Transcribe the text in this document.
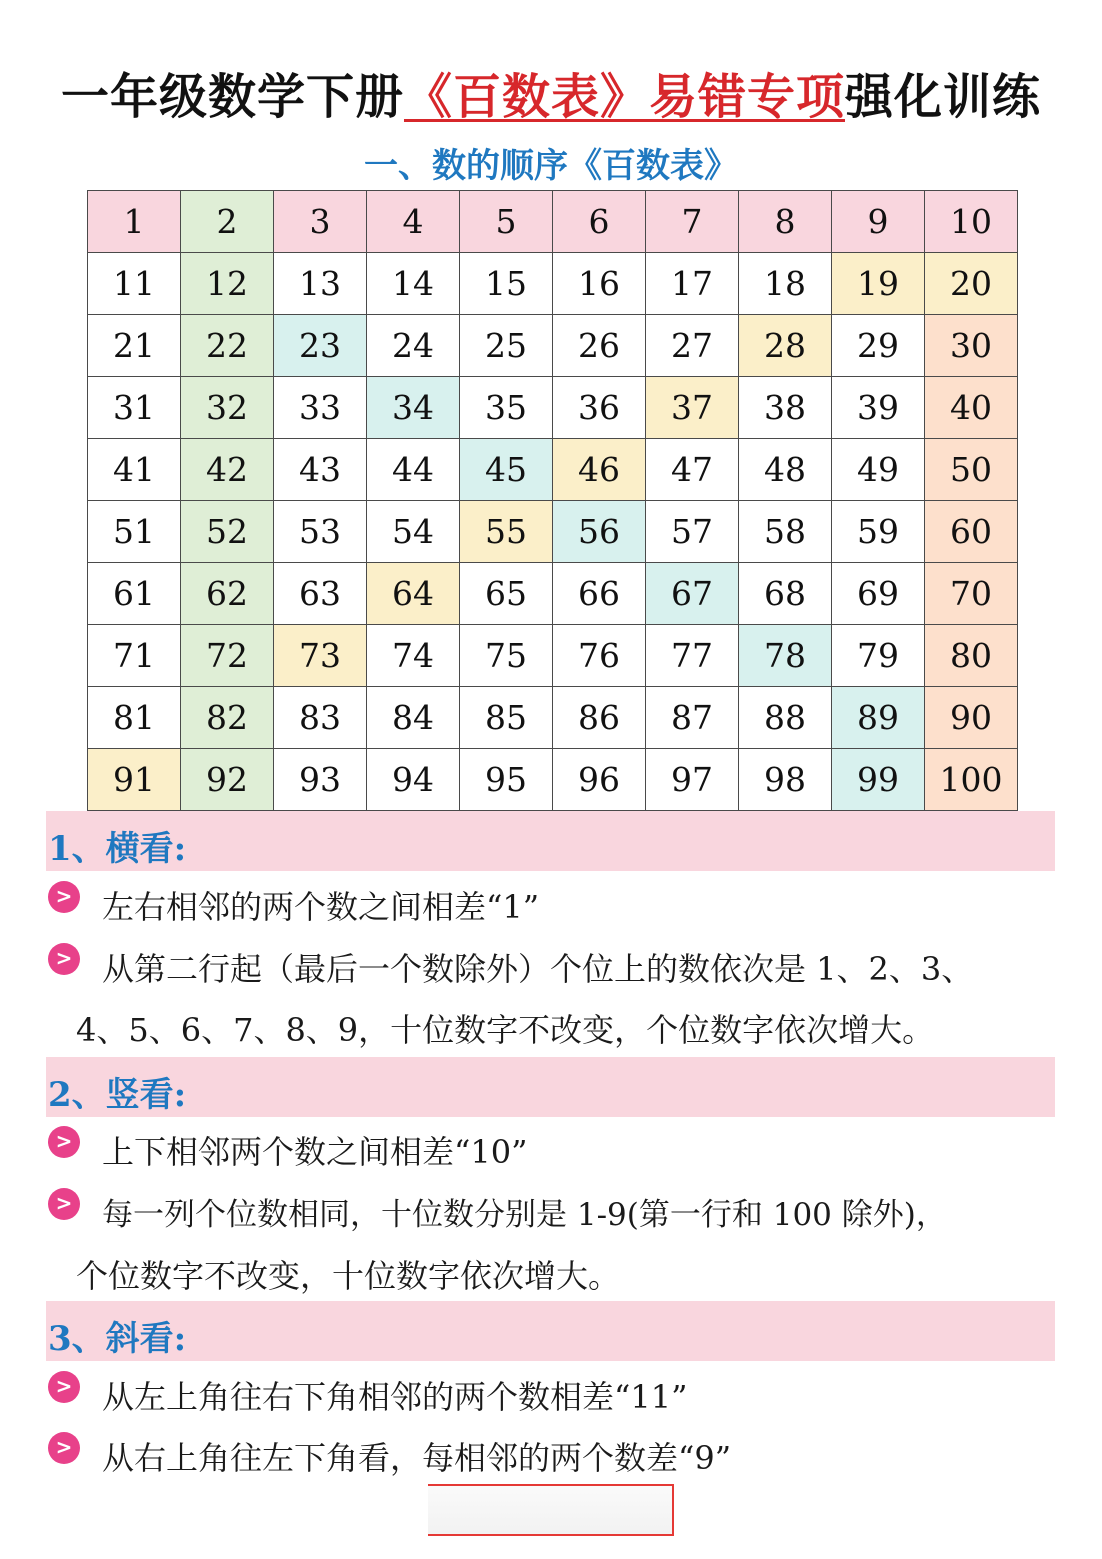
一年级数学下册《百数表》易错专项强化训练
一、数的顺序《百数表》
1	2	3	4	5	6	7	8	9	10
11	12	13	14	15	16	17	18	19	20
21	22	23	24	25	26	27	28	29	30
31	32	33	34	35	36	37	38	39	40
41	42	43	44	45	46	47	48	49	50
51	52	53	54	55	56	57	58	59	60
61	62	63	64	65	66	67	68	69	70
71	72	73	74	75	76	77	78	79	80
81	82	83	84	85	86	87	88	89	90
91	92	93	94	95	96	97	98	99	100
1、横看:
> 左右相邻的两个数之间相差“1”
> 从第二行起（最后一个数除外）个位上的数依次是 1、2、3、
4、5、6、7、8、9，十位数字不改变，个位数字依次增大。
2、竖看:
> 上下相邻两个数之间相差“10”
> 每一列个位数相同，十位数分别是 1-9(第一行和 100 除外)，
个位数字不改变，十位数字依次增大。
3、斜看:
> 从左上角往右下角相邻的两个数相差“11”
> 从右上角往左下角看，每相邻的两个数差“9”
